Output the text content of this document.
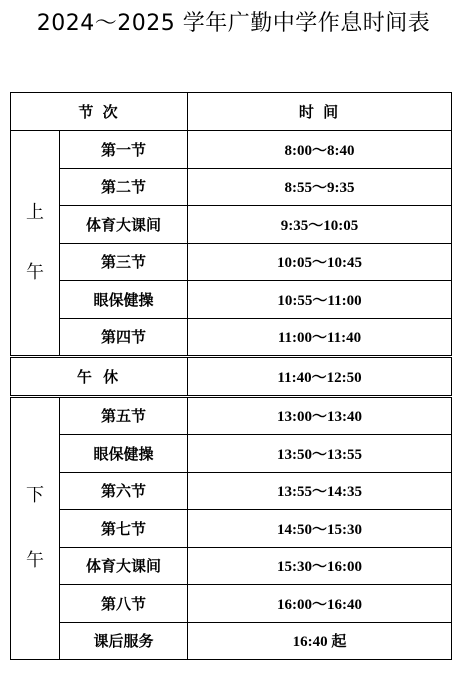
2024～2025 学年广勤中学作息时间表
节 次		时 间

上
午	第一节	8:00～8:40
	第二节	8:55～9:35
	体育大课间	9:35～10:05
	第三节	10:05～10:45
	眼保健操	10:55～11:00
	第四节	11:00～11:40
午 休		11:40～12:50

下
午	第五节	13:00～13:40
	眼保健操	13:50～13:55
	第六节	13:55～14:35
	第七节	14:50～15:30
	体育大课间	15:30～16:00
	第八节	16:00～16:40
	课后服务	16:40 起
